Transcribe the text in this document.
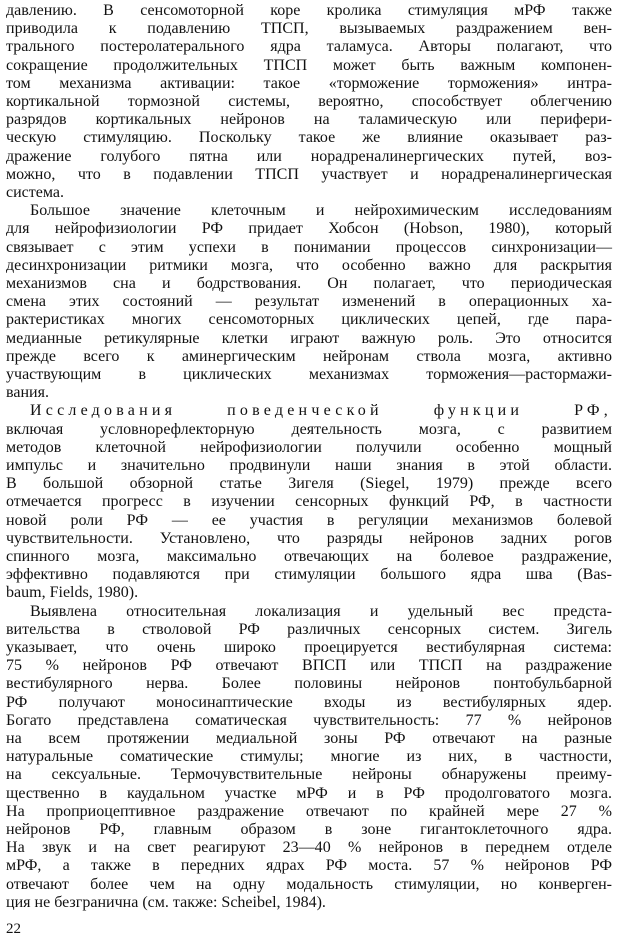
давлению. В сенсомоторной коре кролика стимуляция мРФ также
приводила к подавлению ТПСП, вызываемых раздражением вен-
трального постеролатерального ядра таламуса. Авторы полагают, что
сокращение продолжительных ТПСП может быть важным компонен-
том механизма активации: такое «торможение торможения» интра-
кортикальной тормозной системы, вероятно, способствует облегчению
разрядов кортикальных нейронов на таламическую или перифери-
ческую стимуляцию. Поскольку такое же влияние оказывает раз-
дражение голубого пятна или норадреналинергических путей, воз-
можно, что в подавлении ТПСП участвует и норадреналинергическая
система.
Большое значение клеточным и нейрохимическим исследованиям
для нейрофизиологии РФ придает Хобсон (Hobson, 1980), который
связывает с этим успехи в понимании процессов синхронизации—
десинхронизации ритмики мозга, что особенно важно для раскрытия
механизмов сна и бодрствования. Он полагает, что периодическая
смена этих состояний — результат изменений в операционных ха-
рактеристиках многих сенсомоторных циклических цепей, где пара-
медианные ретикулярные клетки играют важную роль. Это относится
прежде всего к аминергическим нейронам ствола мозга, активно
участвующим в циклических механизмах торможения—растормажи-
вания.
Исследования поведенческой функции РФ,
включая условнорефлекторную деятельность мозга, с развитием
методов клеточной нейрофизиологии получили особенно мощный
импульс и значительно продвинули наши знания в этой области.
В большой обзорной статье Зигеля (Siegel, 1979) прежде всего
отмечается прогресс в изучении сенсорных функций РФ, в частности
новой роли РФ — ее участия в регуляции механизмов болевой
чувствительности. Установлено, что разряды нейронов задних рогов
спинного мозга, максимально отвечающих на болевое раздражение,
эффективно подавляются при стимуляции большого ядра шва (Bas-
baum, Fields, 1980).
Выявлена относительная локализация и удельный вес предста-
вительства в стволовой РФ различных сенсорных систем. Зигель
указывает, что очень широко проецируется вестибулярная система:
75 % нейронов РФ отвечают ВПСП или ТПСП на раздражение
вестибулярного нерва. Более половины нейронов понтобульбарной
РФ получают моносинаптические входы из вестибулярных ядер.
Богато представлена соматическая чувствительность: 77 % нейронов
на всем протяжении медиальной зоны РФ отвечают на разные
натуральные соматические стимулы; многие из них, в частности,
на сексуальные. Термочувствительные нейроны обнаружены преиму-
щественно в каудальном участке мРФ и в РФ продолговатого мозга.
На проприоцептивное раздражение отвечают по крайней мере 27 %
нейронов РФ, главным образом в зоне гигантоклеточного ядра.
На звук и на свет реагируют 23—40 % нейронов в переднем отделе
мРФ, а также в передних ядрах РФ моста. 57 % нейронов РФ
отвечают более чем на одну модальность стимуляции, но конверген-
ция не безгранична (см. также: Scheibel, 1984).
22
